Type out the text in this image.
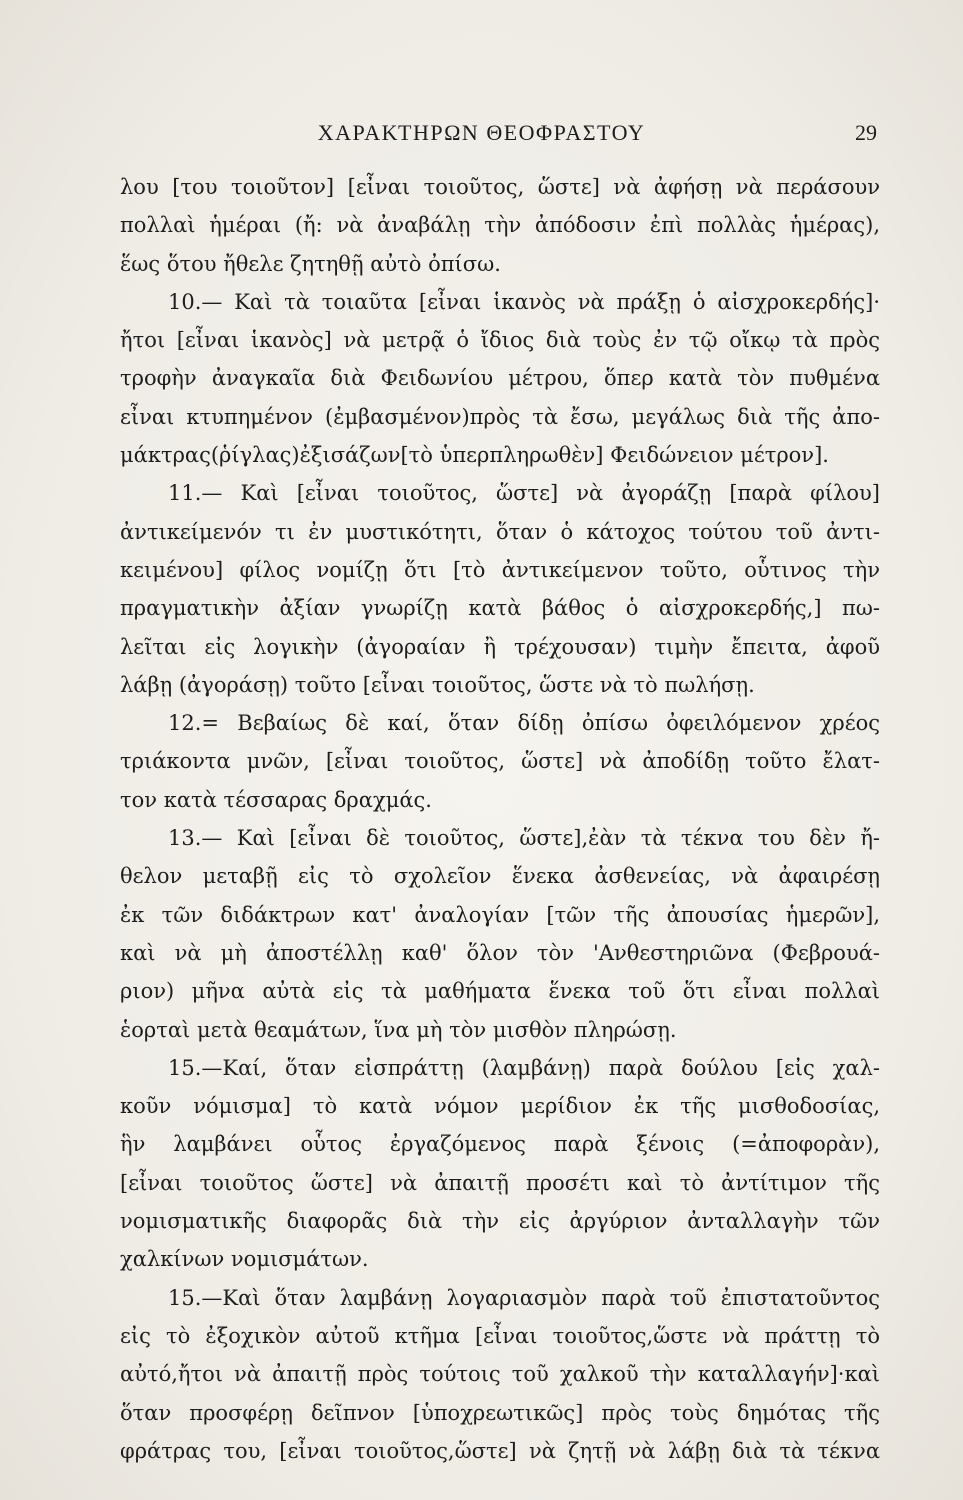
ΧΑΡΑΚΤΗΡΩΝ ΘΕΟΦΡΑΣΤΟΥ	29
λου [του τοιοῦτον] [εἶναι τοιοῦτος, ὥστε] νὰ ἀφήσῃ νὰ περάσουν
πολλαὶ ἡμέραι (ἤ: νὰ ἀναβάλῃ τὴν ἀπόδοσιν ἐπὶ πολλὰς ἡμέρας),
ἕως ὅτου ἤθελε ζητηθῇ αὐτὸ ὀπίσω.
10.— Καὶ τὰ τοιαῦτα [εἶναι ἱκανὸς νὰ πράξῃ ὁ αἰσχροκερδής]·
ἤτοι [εἶναι ἱκανὸς] νὰ μετρᾷ ὁ ἴδιος διὰ τοὺς ἐν τῷ οἴκῳ τὰ πρὸς
τροφὴν ἀναγκαῖα διὰ Φειδωνίου μέτρου, ὅπερ κατὰ τὸν πυθμένα
εἶναι κτυπημένον (ἐμβασμένον)πρὸς τὰ ἔσω, μεγάλως διὰ τῆς ἀπο-
μάκτρας(ῥίγλας)ἐξισάζων[τὸ ὑπερπληρωθὲν] Φειδώνειον μέτρον].
11.— Καὶ [εἶναι τοιοῦτος, ὥστε] νὰ ἀγοράζῃ [παρὰ φίλου]
ἀντικείμενόν τι ἐν μυστικότητι, ὅταν ὁ κάτοχος τούτου τοῦ ἀντι-
κειμένου] φίλος νομίζῃ ὅτι [τὸ ἀντικείμενον τοῦτο, οὗτινος τὴν
πραγματικὴν ἀξίαν γνωρίζῃ κατὰ βάθος ὁ αἰσχροκερδής,] πω-
λεῖται εἰς λογικὴν (ἀγοραίαν ἢ τρέχουσαν) τιμὴν ἔπειτα, ἀφοῦ
λάβῃ (ἀγοράσῃ) τοῦτο [εἶναι τοιοῦτος, ὥστε νὰ τὸ πωλήσῃ.
12.= Βεβαίως δὲ καί, ὅταν δίδῃ ὀπίσω ὀφειλόμενον χρέος
τριάκοντα μνῶν, [εἶναι τοιοῦτος, ὥστε] νὰ ἀποδίδῃ τοῦτο ἔλατ-
τον κατὰ τέσσαρας δραχμάς.
13.— Καὶ [εἶναι δὲ τοιοῦτος, ὥστε],ἐὰν τὰ τέκνα του δὲν ἤ-
θελον μεταβῇ εἰς τὸ σχολεῖον ἕνεκα ἀσθενείας, νὰ ἀφαιρέσῃ
ἐκ τῶν διδάκτρων κατ' ἀναλογίαν [τῶν τῆς ἀπουσίας ἡμερῶν],
καὶ νὰ μὴ ἀποστέλλῃ καθ' ὅλον τὸν 'Ανθεστηριῶνα (Φεβρουά-
ριον) μῆνα αὐτὰ εἰς τὰ μαθήματα ἕνεκα τοῦ ὅτι εἶναι πολλαὶ
ἑορταὶ μετὰ θεαμάτων, ἵνα μὴ τὸν μισθὸν πληρώσῃ.
15.—Καί, ὅταν εἰσπράττῃ (λαμβάνῃ) παρὰ δούλου [εἰς χαλ-
κοῦν νόμισμα] τὸ κατὰ νόμον μερίδιον ἐκ τῆς μισθοδοσίας,
ἣν λαμβάνει οὗτος ἐργαζόμενος παρὰ ξένοις (=ἀποφορὰν),
[εἶναι τοιοῦτος ὥστε] νὰ ἀπαιτῇ προσέτι καὶ τὸ ἀντίτιμον τῆς
νομισματικῆς διαφορᾶς διὰ τὴν εἰς ἀργύριον ἀνταλλαγὴν τῶν
χαλκίνων νομισμάτων.
15.—Καὶ ὅταν λαμβάνῃ λογαριασμὸν παρὰ τοῦ ἐπιστατοῦντος
εἰς τὸ ἐξοχικὸν αὐτοῦ κτῆμα [εἶναι τοιοῦτος,ὥστε νὰ πράττῃ τὸ
αὐτό,ἤτοι νὰ ἀπαιτῇ πρὸς τούτοις τοῦ χαλκοῦ τὴν καταλλαγήν]·καὶ
ὅταν προσφέρῃ δεῖπνον [ὑποχρεωτικῶς] πρὸς τοὺς δημότας τῆς
φράτρας του, [εἶναι τοιοῦτος,ὥστε] νὰ ζητῇ νὰ λάβῃ διὰ τὰ τέκνα
